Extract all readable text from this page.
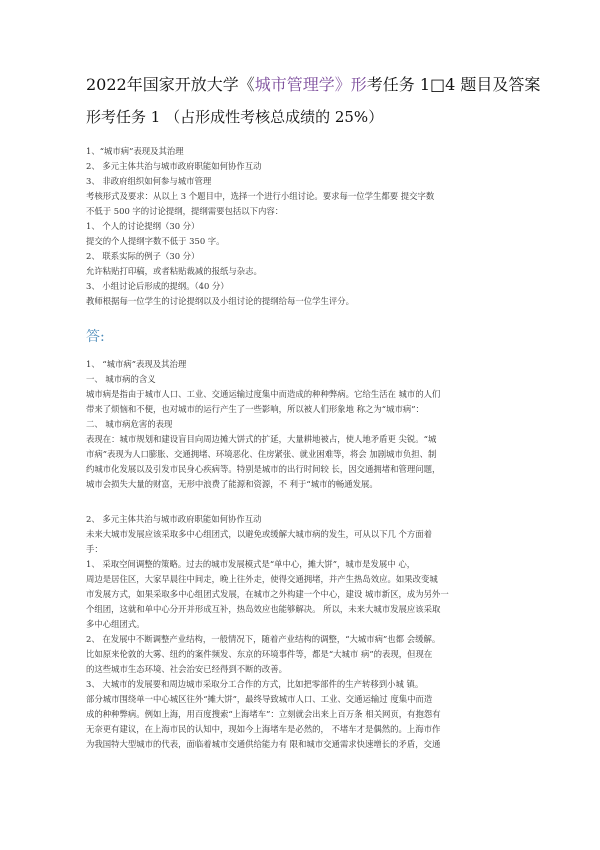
2022年国家开放大学《城市管理学》形考任务 1□4 题目及答案
形考任务 1 （占形成性考核总成绩的 25%）

1、“城市病”表现及其治理

2、 多元主体共治与城市政府职能如何协作互动

3、 非政府组织如何参与城市管理

考核形式及要求：从以上 3 个题目中，选择一个进行小组讨论。要求每一位学生都要 提交字数

不低于 500 字的讨论提纲，提纲需要包括以下内容：

1、 个人的讨论提纲（30 分）

提交的个人提纲字数不低于 350 字。

2、 联系实际的例子（30 分）

允许粘贴打印稿，或者粘贴裁减的报纸与杂志。

3、 小组讨论后形成的提纲。（40 分）

教师根据每一位学生的讨论提纲以及小组讨论的提纲给每一位学生评分。

答:

1、 “城市病”表现及其治理

一、 城市病的含义

城市病是指由于城市人口、工业、交通运输过度集中而造成的种种弊病。它给生活在 城市的人们

带来了烦恼和不便，也对城市的运行产生了一些影响，所以被人们形象地 称之为“城市病”：

二、 城市病危害的表现

表现在：城市规划和建设盲目向周边摊大饼式的扩延，大量耕地被占，使人地矛盾更 尖锐。“城

市病”表现为人口膨胀、交通拥堵、环境恶化、住房紧张、就业困难等，将会 加剧城市负担、制

约城市化发展以及引发市民身心疾病等。特别是城市的出行时间较 长，因交通拥堵和管理问题，

城市会损失大量的财富，无形中浪费了能源和资源，不 利于“城市的畅通发展。

2、 多元主体共治与城市政府职能如何协作互动

未来大城市发展应该采取多中心组团式，以避免或缓解大城市病的发生，可从以下几 个方面着

手：

1、 采取空间调整的策略。过去的城市发展模式是“单中心，摊大饼”，城市是发展中 心，

周边是居住区，大家早晨往中间走，晚上往外走，使得交通拥堵，并产生热岛效应。如果改变城

市发展方式，如果采取多中心组团式发展，在城市之外构建一个中心，建设 城市新区，成为另外一

个组团，这就和单中心分开并形成互补，热岛效应也能够解决。 所以，未来大城市发展应该采取

多中心组团式。

2、 在发展中不断调整产业结构，一般情况下，随着产业结构的调整，“大城市病”也都 会缓解。

比如原来伦敦的大雾、纽约的案件频发、东京的环境事件等，都是“大城市 病”的表现，但现在

的这些城市生态环境、社会治安已经得到不断的改善。

3、 大城市的发展要和周边城市采取分工合作的方式，比如把零部件的生产转移到小城 镇。

部分城市围绕单一中心城区往外“摊大饼”，最终导致城市人口、工业、交通运输过 度集中而造

成的种种弊病。例如上海，用百度搜索“上海堵车”：立刻就会出来上百万条 相关网页，有抱怨有

无奈更有建议，在上海市民的认知中，现如今上海堵车是必然的， 不堵车才是偶然的。上海市作

为我国特大型城市的代表，面临着城市交通供给能力有 限和城市交通需求快速增长的矛盾，交通
